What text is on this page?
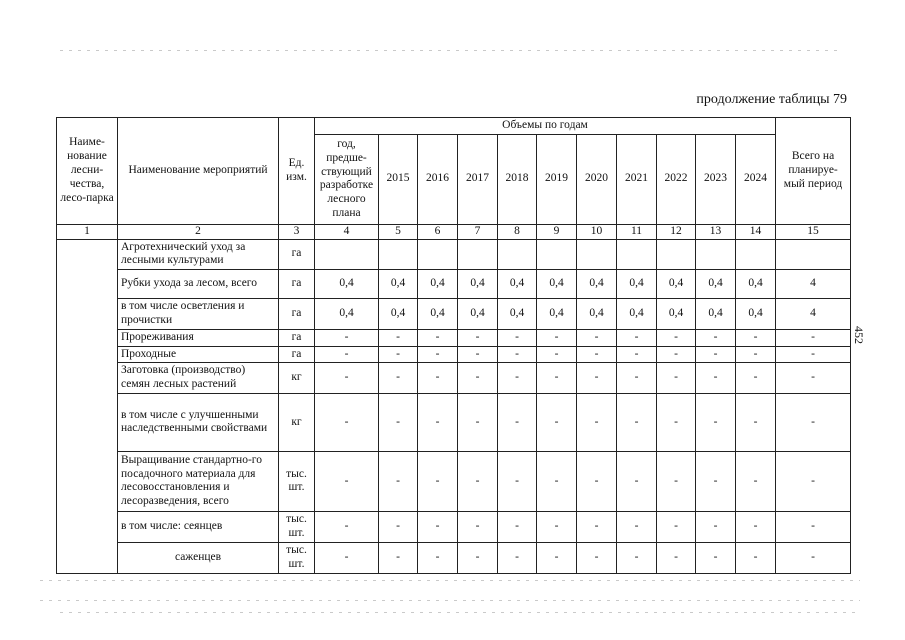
продолжение таблицы 79
452
Наиме-нование лесни-чества, лесо-парка	Наименование мероприятий	Ед. изм.	Объемы по годам											Всего на планируе-мый период
			год, предше-ствующий разработке лесного плана	2015	2016	2017	2018	2019	2020	2021	2022	2023	2024	
1	2	3	4	5	6	7	8	9	10	11	12	13	14	15
	Агротехнический уход за лесными культурами	га												
	Рубки ухода за лесом, всего	га	0,4	0,4	0,4	0,4	0,4	0,4	0,4	0,4	0,4	0,4	0,4	4
	в том числе осветления и прочистки	га	0,4	0,4	0,4	0,4	0,4	0,4	0,4	0,4	0,4	0,4	0,4	4
	Прореживания	га	-	-	-	-	-	-	-	-	-	-	-	-
	Проходные	га	-	-	-	-	-	-	-	-	-	-	-	-
	Заготовка (производство) семян лесных растений	кг	-	-	-	-	-	-	-	-	-	-	-	-
	в том числе с улучшенными наследственными свойствами	кг	-	-	-	-	-	-	-	-	-	-	-	-
	Выращивание стандартно-го посадочного материала для лесовосстановления и лесоразведения, всего	тыс. шт.	-	-	-	-	-	-	-	-	-	-	-	-
	в том числе: сеянцев	тыс. шт.	-	-	-	-	-	-	-	-	-	-	-	-
	саженцев	тыс. шт.	-	-	-	-	-	-	-	-	-	-	-	-
